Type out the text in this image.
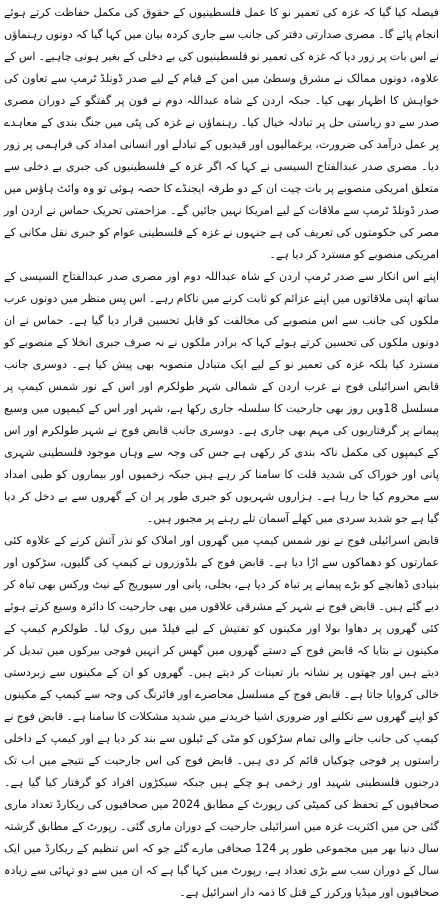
فیصلہ کیا گیا کہ غزہ کی تعمیر نو کا عمل فلسطینیوں کے حقوق کی مکمل حفاظت کرتے ہوئے انجام پائے گا۔ مصری صدارتی دفتر کی جانب سے جاری کردہ بیان میں کہا گیا کہ دونوں رہنماؤں نے اس بات پر زور دیا کہ غزہ کی تعمیر نو فلسطینیوں کی بے دخلی کے بغیر ہونی چاہیے۔ اس کے علاوہ، دونوں ممالک نے مشرق وسطیٰ میں امن کے قیام کے لیے صدر ڈونلڈ ٹرمپ سے تعاون کی خواہش کا اظہار بھی کیا۔ جبکہ اردن کے شاہ عبداللہ دوم نے فون پر گفتگو کے دوران مصری صدر سے دو ریاستی حل پر تبادلہ خیال کیا۔ رہنماؤں نے غزہ کی پٹی میں جنگ بندی کے معاہدے پر عمل درآمد کی ضرورت، یرغمالیوں اور قیدیوں کے تبادلے اور انسانی امداد کی فراہمی پر زور دیا۔ مصری صدر عبدالفتاح السیسی نے کہا کہ اگر غزہ کے فلسطینیوں کی جبری بے دخلی سے متعلق امریکی منصوبے پر بات چیت ان کے دو طرفہ ایجنڈے کا حصہ ہوئی تو وہ وائٹ ہاؤس میں صدر ڈونلڈ ٹرمپ سے ملاقات کے لیے امریکا نہیں جائیں گے۔ مزاحمتی تحریک حماس نے اردن اور مصر کی حکومتوں کی تعریف کی ہے جنہوں نے غزہ کے فلسطینی عوام کو جبری نقل مکانی کے امریکی منصوبے کو مسترد کر دیا ہے۔

اپنے اس انکار سے صدر ٹرمپ اردن کے شاہ عبداللہ دوم اور مصری صدر عبدالفتاح السیسی کے ساتھ اپنی ملاقاتوں میں اپنے عزائم کو ثابت کرنے میں ناکام رہے۔ اس پس منظر میں دونوں عرب ملکوں کی جانب سے اس منصوبے کی مخالفت کو قابل تحسین قرار دیا گیا ہے۔ حماس نے ان دونوں ملکوں کی تحسین کرتے ہوئے کہا کہ برادر ملکوں نے نہ صرف جبری انخلا کے منصوبے کو مسترد کیا بلکہ غزہ کی تعمیر نو کے لیے ایک متبادل منصوبہ بھی پیش کیا ہے۔ دوسری جانب قابض اسرائیلی فوج نے غرب اردن کے شمالی شہر طولکرم اور اس کے نور شمس کیمپ پر مسلسل 18ویں روز بھی جارحیت کا سلسلہ جاری رکھا ہے، شہر اور اس کے کیمپوں میں وسیع پیمانے پر گرفتاریوں کی مہم بھی جاری ہے۔ دوسری جانب قابض فوج نے شہر طولکرم اور اس کے کیمپوں کی مکمل ناکہ بندی کر رکھی ہے جس کی وجہ سے وہاں موجود فلسطینی شہری پانی اور خوراک کی شدید قلت کا سامنا کر رہے ہیں جبکہ زخمیوں اور بیماروں کو طبی امداد سے محروم کیا جا رہا ہے۔ ہزاروں شہریوں کو جبری طور پر ان کے گھروں سے بے دخل کر دیا گیا ہے جو شدید سردی میں کھلے آسمان تلے رہنے پر مجبور ہیں۔

قابض اسرائیلی فوج نے نور شمس کیمپ میں گھروں اور املاک کو نذر آتش کرنے کے علاوہ کئی عمارتوں کو دھماکوں سے اڑا دیا ہے۔ قابض فوج کے بلڈوزروں نے کیمپ کی گلیوں، سڑکوں اور بنیادی ڈھانچے کو بڑے پیمانے پر تباہ کر دیا ہے، بجلی، پانی اور سیوریج کے نیٹ ورکس بھی تباہ کر دیے گئے ہیں۔ قابض فوج نے شہر کے مشرقی علاقوں میں بھی جارحیت کا دائرہ وسیع کرتے ہوئے کئی گھروں پر دھاوا بولا اور مکینوں کو تفتیش کے لیے فیلڈ میں روک لیا۔ طولکرم کیمپ کے مکینوں نے بتایا کہ قابض فوج کے دستے گھروں میں گھس کر انہیں فوجی بیرکوں میں تبدیل کر دیتے ہیں اور چھتوں پر نشانہ باز تعینات کر دیتے ہیں۔ گھروں کو ان کے مکینوں سے زبردستی خالی کروایا جاتا ہے۔ قابض فوج کے مسلسل محاصرے اور فائرنگ کی وجہ سے کیمپ کے مکینوں کو اپنے گھروں سے نکلنے اور ضروری اشیا خریدنے میں شدید مشکلات کا سامنا ہے۔ قابض فوج نے کیمپ کی جانب جانے والی تمام سڑکوں کو مٹی کے ٹیلوں سے بند کر دیا ہے اور کیمپ کے داخلی راستوں پر فوجی چوکیاں قائم کر دی ہیں۔ قابض فوج کی اس جارحیت کے نتیجے میں اب تک درجنوں فلسطینی شہید اور زخمی ہو چکے ہیں جبکہ سیکڑوں افراد کو گرفتار کیا گیا ہے۔ صحافیوں کے تحفظ کی کمیٹی کی رپورٹ کے مطابق 2024 میں صحافیوں کی ریکارڈ تعداد ماری گئی جن میں اکثریت غزہ میں اسرائیلی جارحیت کے دوران ماری گئی۔ رپورٹ کے مطابق گزشتہ سال دنیا بھر میں مجموعی طور پر 124 صحافی مارے گئے جو کہ اس تنظیم کے ریکارڈ میں ایک سال کے دوران سب سے بڑی تعداد ہے، رپورٹ میں کہا گیا ہے کہ ان میں سے دو تہائی سے زیادہ صحافیوں اور میڈیا ورکرز کے قتل کا ذمہ دار اسرائیل ہے۔
